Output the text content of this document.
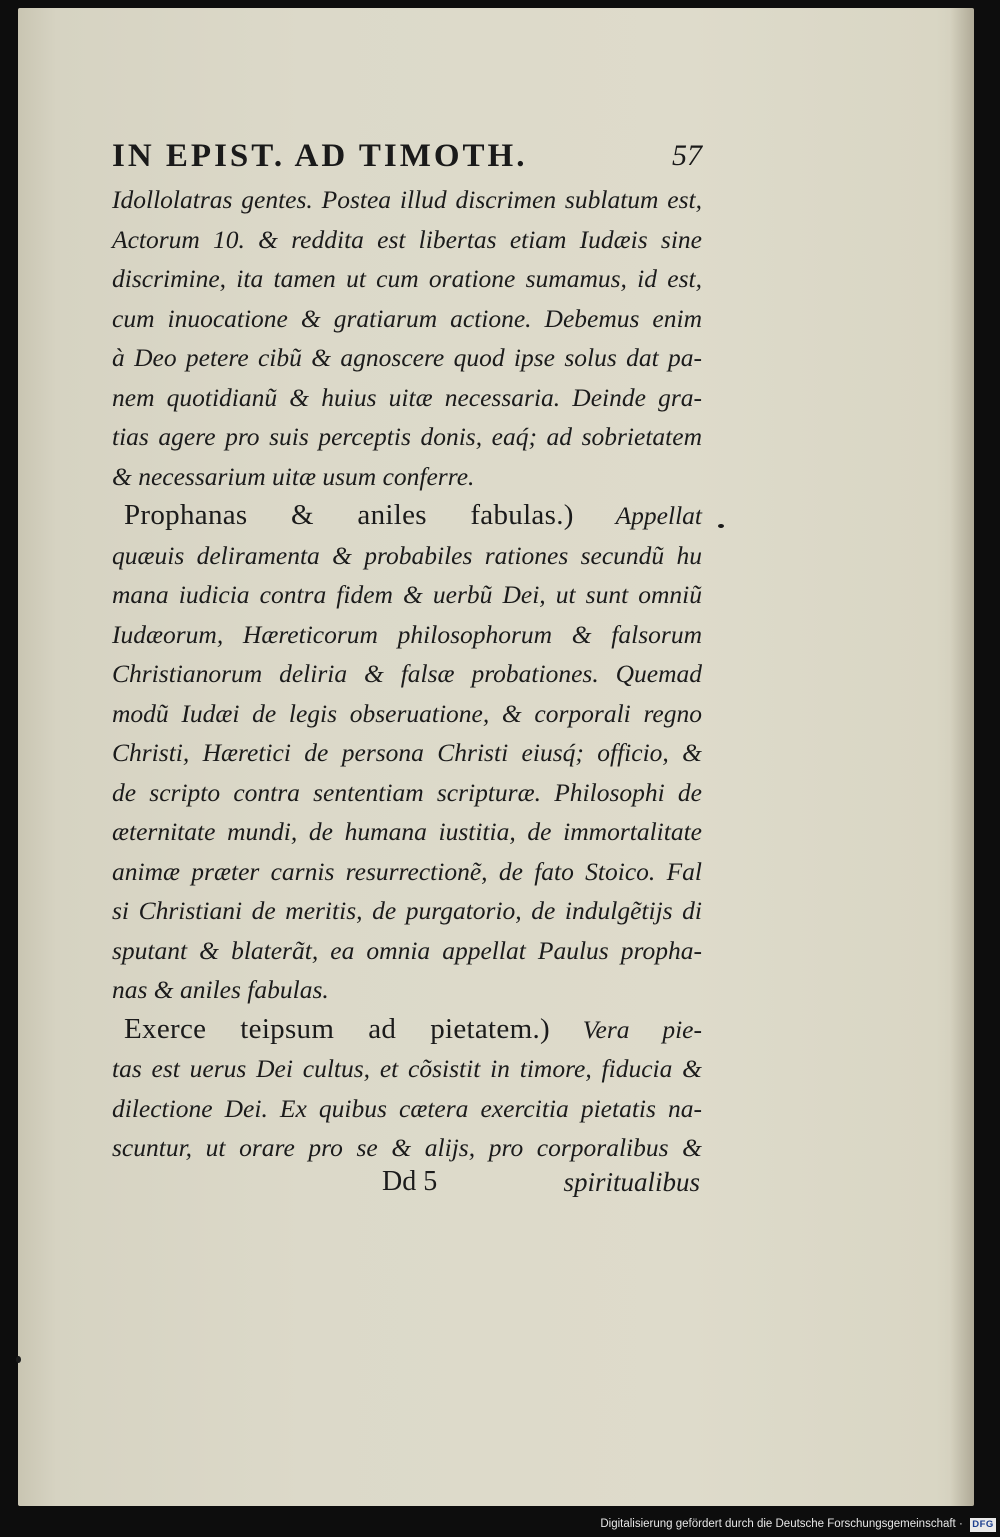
IN EPIST. AD TIMOTH.	57
Idollolatras gentes. Postea illud discrimen sublatum est,
Actorum 10. & reddita est libertas etiam Iudæis sine
discrimine, ita tamen ut cum oratione sumamus, id est,
cum inuocatione & gratiarum actione. Debemus enim
à Deo petere cibũ & agnoscere quod ipse solus dat pa-
nem quotidianũ & huius uitæ necessaria. Deinde gra-
tias agere pro suis perceptis donis, eaq́; ad sobrietatem
& necessarium uitæ usum conferre.
Prophanas & aniles fabulas.) Appellat
quæuis deliramenta & probabiles rationes secundũ hu
mana iudicia contra fidem & uerbũ Dei, ut sunt omniũ
Iudæorum, Hæreticorum philosophorum & falsorum
Christianorum deliria & falsæ probationes. Quemad
modũ Iudæi de legis obseruatione, & corporali regno
Christi, Hæretici de persona Christi eiusq́; officio, &
de scripto contra sententiam scripturæ. Philosophi de
æternitate mundi, de humana iustitia, de immortalitate
animæ præter carnis resurrectionẽ, de fato Stoico. Fal
si Christiani de meritis, de purgatorio, de indulgẽtijs di
sputant & blaterãt, ea omnia appellat Paulus propha-
nas & aniles fabulas.
Exerce teipsum ad pietatem.) Vera pie-
tas est uerus Dei cultus, et cõsistit in timore, fiducia &
dilectione Dei. Ex quibus cætera exercitia pietatis na-
scuntur, ut orare pro se & alijs, pro corporalibus &
Dd 5	spiritualibus
Digitalisierung gefördert durch die Deutsche Forschungsgemeinschaft · DFG
